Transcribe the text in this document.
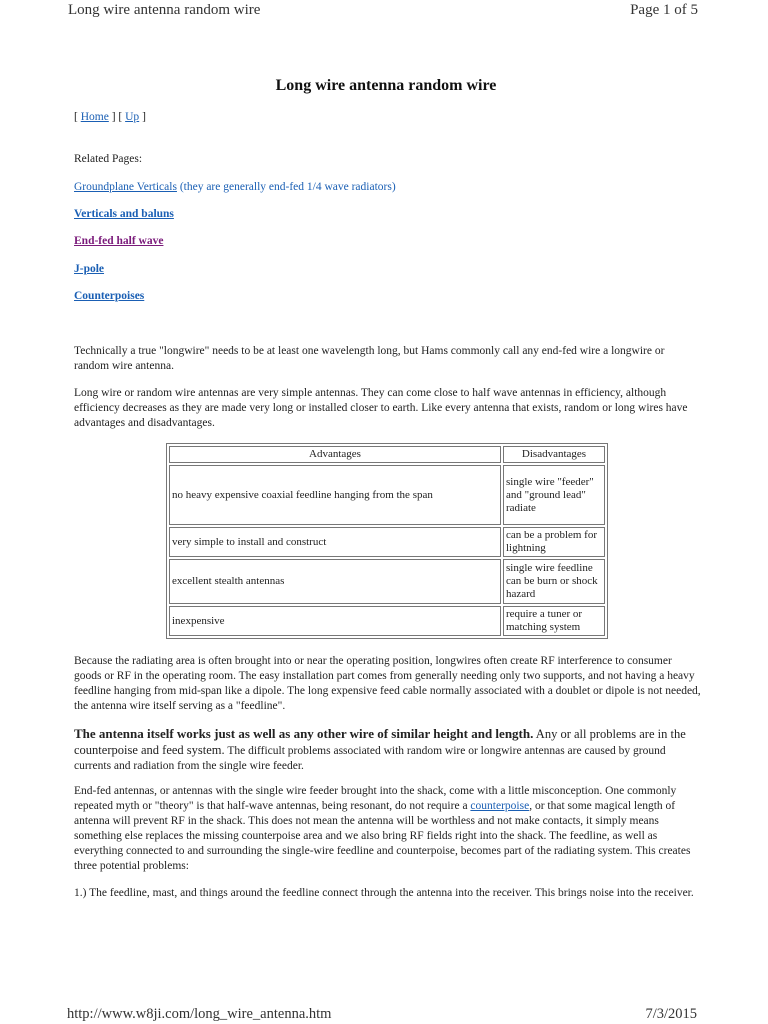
Long wire antenna random wire	Page 1 of 5
Long wire antenna random wire
[ Home ] [ Up ]
Related Pages:
Groundplane Verticals (they are generally end-fed 1/4 wave radiators)
Verticals and baluns
End-fed half wave
J-pole
Counterpoises

Technically a true "longwire" needs to be at least one wavelength long, but Hams commonly call any end-fed wire a longwire or random wire antenna.

Long wire or random wire antennas are very simple antennas. They can come close to half wave antennas in efficiency, although efficiency decreases as they are made very long or installed closer to earth. Like every antenna that exists, random or long wires have advantages and disadvantages.

Advantages	Disadvantages
no heavy expensive coaxial feedline hanging from the span	single wire "feeder" and "ground lead" radiate
very simple to install and construct	can be a problem for lightning
excellent stealth antennas	single wire feedline can be burn or shock hazard
inexpensive	require a tuner or matching system

Because the radiating area is often brought into or near the operating position, longwires often create RF interference to consumer goods or RF in the operating room. The easy installation part comes from generally needing only two supports, and not having a heavy feedline hanging from mid-span like a dipole. The long expensive feed cable normally associated with a doublet or dipole is not needed, the antenna wire itself serving as a "feedline".

The antenna itself works just as well as any other wire of similar height and length. Any or all problems are in the counterpoise and feed system. The difficult problems associated with random wire or longwire antennas are caused by ground currents and radiation from the single wire feeder.

End-fed antennas, or antennas with the single wire feeder brought into the shack, come with a little misconception. One commonly repeated myth or "theory" is that half-wave antennas, being resonant, do not require a counterpoise, or that some magical length of antenna will prevent RF in the shack. This does not mean the antenna will be worthless and not make contacts, it simply means something else replaces the missing counterpoise area and we also bring RF fields right into the shack. The feedline, as well as everything connected to and surrounding the single-wire feedline and counterpoise, becomes part of the radiating system. This creates three potential problems:

1.) The feedline, mast, and things around the feedline connect through the antenna into the receiver. This brings noise into the receiver.

http://www.w8ji.com/long_wire_antenna.htm	7/3/2015
